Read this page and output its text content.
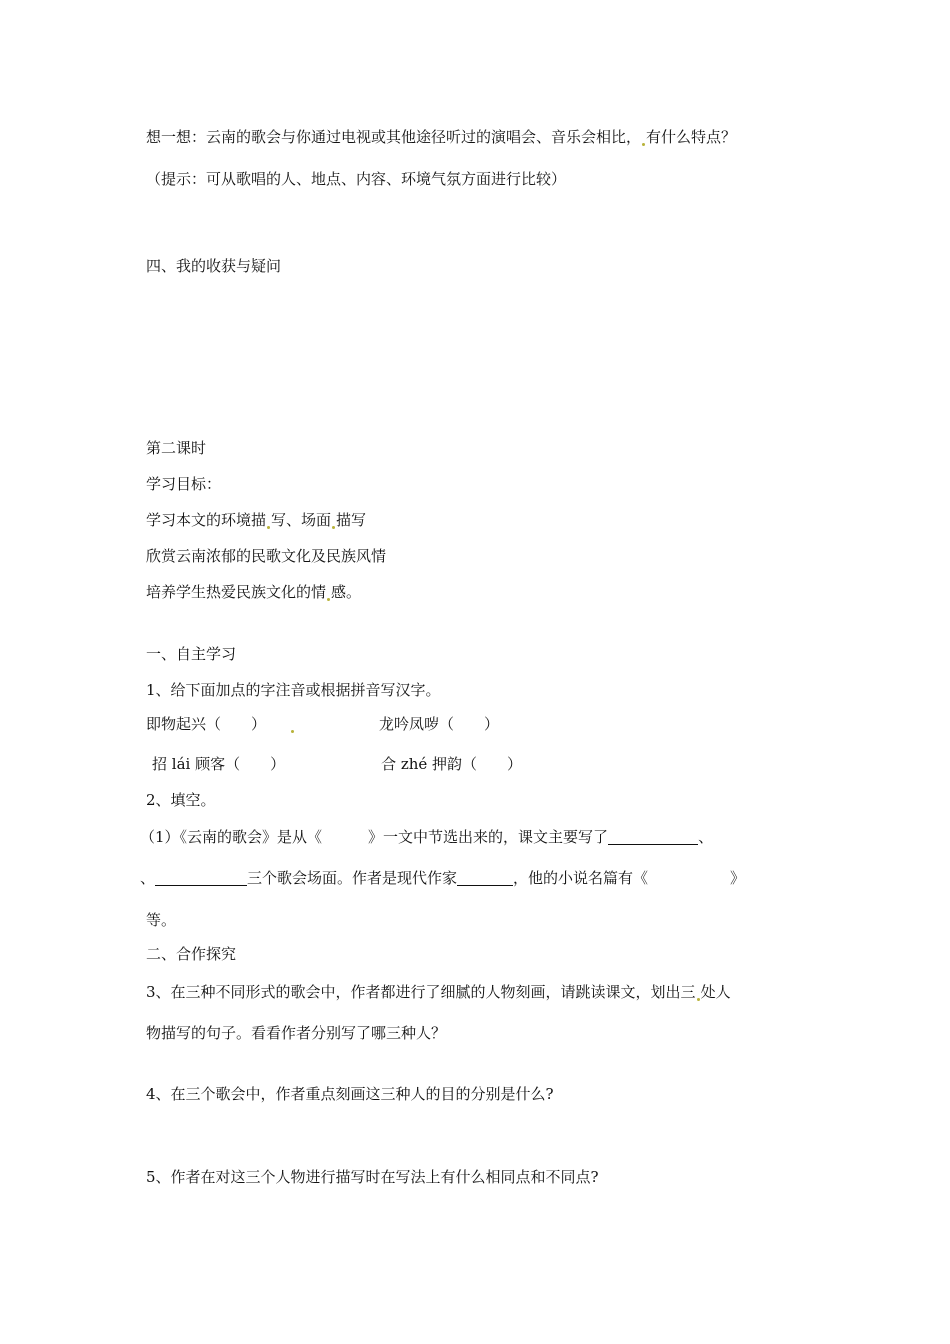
想一想：云南的歌会与你通过电视或其他途径听过的演唱会、音乐会相比， 有什么特点？
（提示：可从歌唱的人、地点、内容、环境气氛方面进行比较）
四、我的收获与疑问
第二课时
学习目标：
学习本文的环境描 写、场面 描写
欣赏云南浓郁的民歌文化及民族风情
培养学生热爱民族文化的情 感。
一、自主学习
1、给下面加点的字注音或根据拼音写汉字。
即物起兴（　　）	龙吟凤哕（　　）
招 lái 顾客（　　）	合 zhé 押韵（　　）
2、填空。
（1）《云南的歌会》是从《	》一文中节选出来的，课文主要写了	、
、	三个歌会场面。作者是现代作家	，他的小说名篇有《	》
等。
二、合作探究
3、在三种不同形式的歌会中，作者都进行了细腻的人物刻画，请跳读课文，划出三 处人
物描写的句子。看看作者分别写了哪三种人？
4、在三个歌会中，作者重点刻画这三种人的目的分别是什么?
5、作者在对这三个人物进行描写时在写法上有什么相同点和不同点?
